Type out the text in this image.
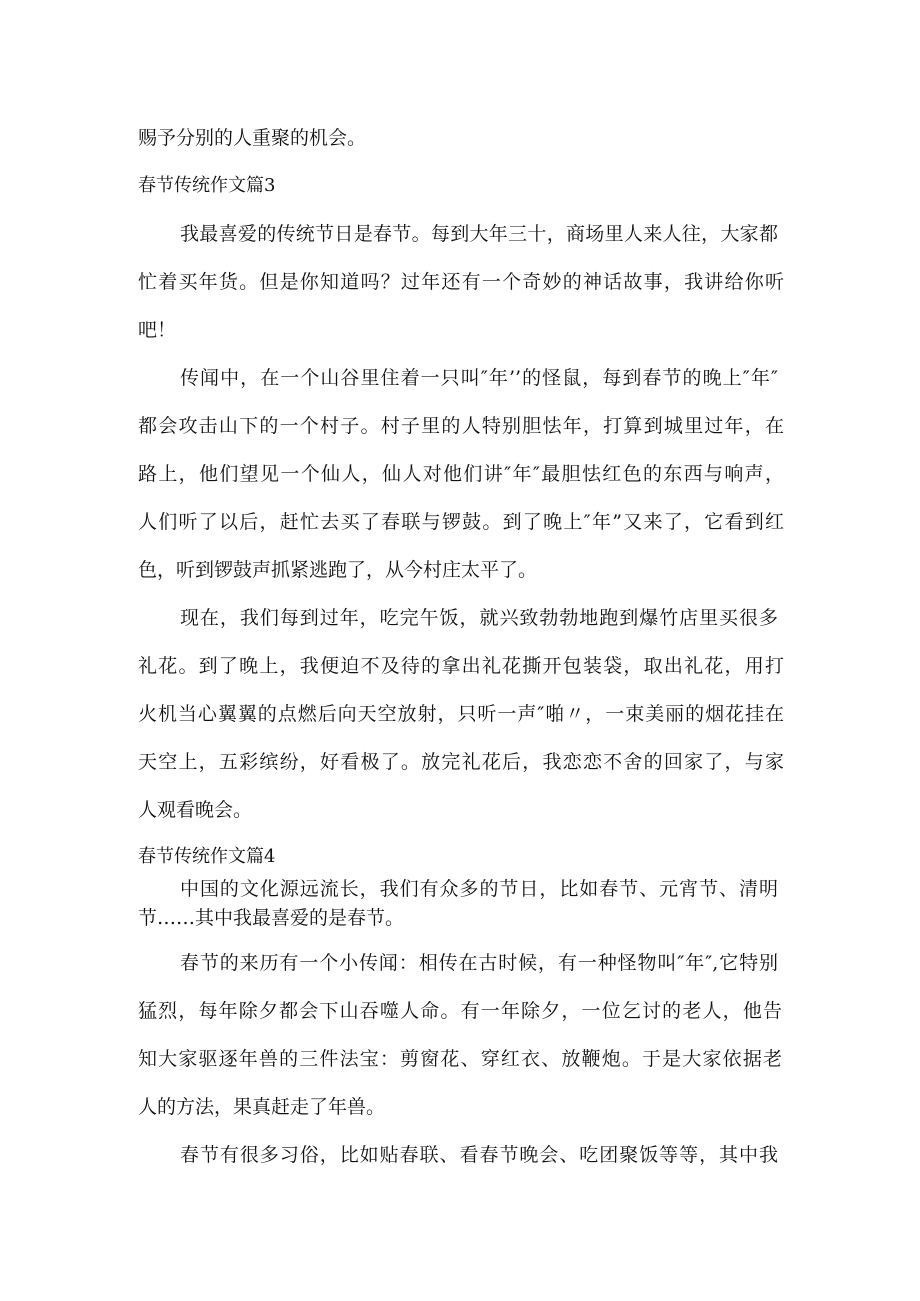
赐予分别的人重聚的机会。
春节传统作文篇3
我最喜爱的传统节日是春节。每到大年三十，商场里人来人往，大家都
忙着买年货。但是你知道吗？过年还有一个奇妙的神话故事，我讲给你听
吧！
传闻中，在一个山谷里住着一只叫″年’’的怪鼠，每到春节的晚上″年″
都会攻击山下的一个村子。村子里的人特别胆怯年，打算到城里过年，在
路上，他们望见一个仙人，仙人对他们讲″年″最胆怯红色的东西与响声，
人们听了以后，赶忙去买了春联与锣鼓。到了晚上″年”又来了，它看到红
色，听到锣鼓声抓紧逃跑了，从今村庄太平了。
现在，我们每到过年，吃完午饭，就兴致勃勃地跑到爆竹店里买很多
礼花。到了晚上，我便迫不及待的拿出礼花撕开包装袋，取出礼花，用打
火机当心翼翼的点燃后向天空放射，只听一声″啪〃，一束美丽的烟花挂在
天空上，五彩缤纷，好看极了。放完礼花后，我恋恋不舍的回家了，与家
人观看晚会。
春节传统作文篇4
中国的文化源远流长，我们有众多的节日，比如春节、元宵节、清明
节……其中我最喜爱的是春节。
春节的来历有一个小传闻：相传在古时候，有一种怪物叫″年″,它特别
猛烈，每年除夕都会下山吞噬人命。有一年除夕，一位乞讨的老人，他告
知大家驱逐年兽的三件法宝：剪窗花、穿红衣、放鞭炮。于是大家依据老
人的方法，果真赶走了年兽。
春节有很多习俗，比如贴春联、看春节晚会、吃团聚饭等等，其中我
